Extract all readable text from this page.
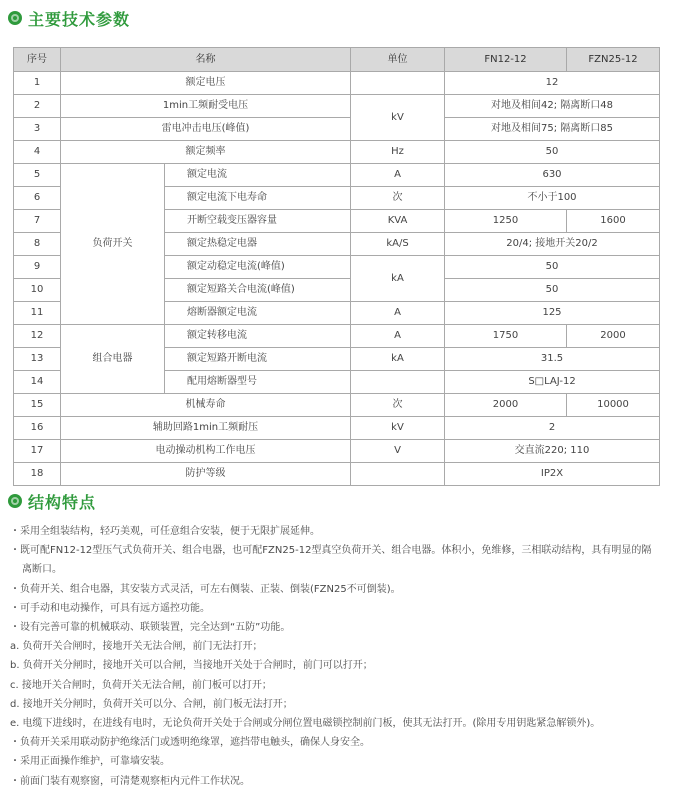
主要技术参数
序号	名称		单位	FN12-12	FZN25-12
1	额定电压			12	
2	1min工频耐受电压		kV	对地及相间42; 隔离断口48	
3	雷电冲击电压(峰值)			对地及相间75; 隔离断口85	
4	额定频率		Hz	50	
5	负荷开关	额定电流	A	630	
6		额定电流下电寿命	次	不小于100	
7		开断空载变压器容量	KVA	1250	1600
8		额定热稳定电器	kA/S	20/4; 接地开关20/2	
9		额定动稳定电流(峰值)	kA	50	
10		额定短路关合电流(峰值)		50	
11		熔断器额定电流	A	125	
12	组合电器	额定转移电流	A	1750	2000
13		额定短路开断电流	kA	31.5	
14		配用熔断器型号		S□LAJ-12	
15	机械寿命		次	2000	10000
16	辅助回路1min工频耐压		kV	2	
17	电动操动机构工作电压		V	交直流220; 110	
18	防护等级			IP2X	
结构特点

・采用全组装结构，轻巧美观，可任意组合安装，便于无限扩展延伸。

・既可配FN12-12型压气式负荷开关、组合电器，也可配FZN25-12型真空负荷开关、组合电器。体积小，免维修，三相联动结构，具有明显的隔离断口。

・负荷开关、组合电器，其安装方式灵活，可左右侧装、正装、倒装(FZN25不可倒装)。

・可手动和电动操作，可具有远方遥控功能。

・设有完善可靠的机械联动、联锁装置，完全达到“五防”功能。

a. 负荷开关合闸时，接地开关无法合闸，前门无法打开；

b. 负荷开关分闸时，接地开关可以合闸，当接地开关处于合闸时，前门可以打开；

c. 接地开关合闸时，负荷开关无法合闸，前门板可以打开；

d. 接地开关分闸时，负荷开关可以分、合闸，前门板无法打开；

e. 电缆下进线时，在进线有电时，无论负荷开关处于合闸或分闸位置电磁锁控制前门板，使其无法打开。(除用专用钥匙紧急解锁外)。

・负荷开关采用联动防护绝缘活门或透明绝缘罩，遮挡带电触头，确保人身安全。

・采用正面操作维护，可靠墙安装。

・前面门装有观察窗，可清楚观察柜内元件工作状况。
